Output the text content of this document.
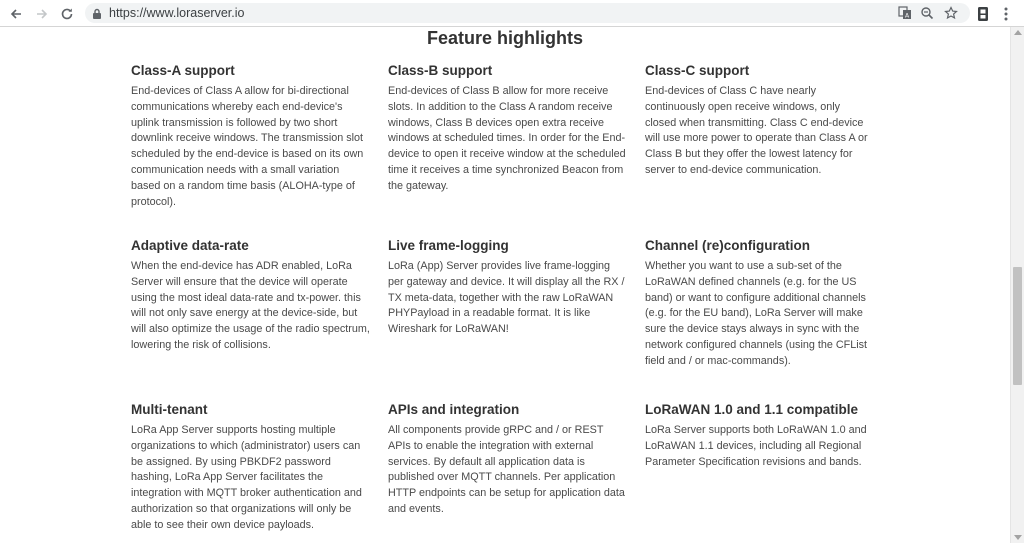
https://www.loraserver.io	A
Feature highlights
Class-A support

End-devices of Class A allow for bi-directional communications whereby each end-device's uplink transmission is followed by two short downlink receive windows. The transmission slot scheduled by the end-device is based on its own communication needs with a small variation based on a random time basis (ALOHA-type of protocol).

Class-B support

End-devices of Class B allow for more receive slots. In addition to the Class A random receive windows, Class B devices open extra receive windows at scheduled times. In order for the End-device to open it receive window at the scheduled time it receives a time synchronized Beacon from the gateway.

Class-C support

End-devices of Class C have nearly continuously open receive windows, only closed when transmitting. Class C end-device will use more power to operate than Class A or Class B but they offer the lowest latency for server to end-device communication.

Adaptive data-rate

When the end-device has ADR enabled, LoRa Server will ensure that the device will operate using the most ideal data-rate and tx-power. this will not only save energy at the device-side, but will also optimize the usage of the radio spectrum, lowering the risk of collisions.

Live frame-logging

LoRa (App) Server provides live frame-logging per gateway and device. It will display all the RX / TX meta-data, together with the raw LoRaWAN PHYPayload in a readable format. It is like Wireshark for LoRaWAN!

Channel (re)configuration

Whether you want to use a sub-set of the LoRaWAN defined channels (e.g. for the US band) or want to configure additional channels (e.g. for the EU band), LoRa Server will make sure the device stays always in sync with the network configured channels (using the CFList field and / or mac-commands).

Multi-tenant

LoRa App Server supports hosting multiple organizations to which (administrator) users can be assigned. By using PBKDF2 password hashing, LoRa App Server facilitates the integration with MQTT broker authentication and authorization so that organizations will only be able to see their own device payloads.

APIs and integration

All components provide gRPC and / or REST APIs to enable the integration with external services. By default all application data is published over MQTT channels. Per application HTTP endpoints can be setup for application data and events.

LoRaWAN 1.0 and 1.1 compatible

LoRa Server supports both LoRaWAN 1.0 and LoRaWAN 1.1 devices, including all Regional Parameter Specification revisions and bands.
